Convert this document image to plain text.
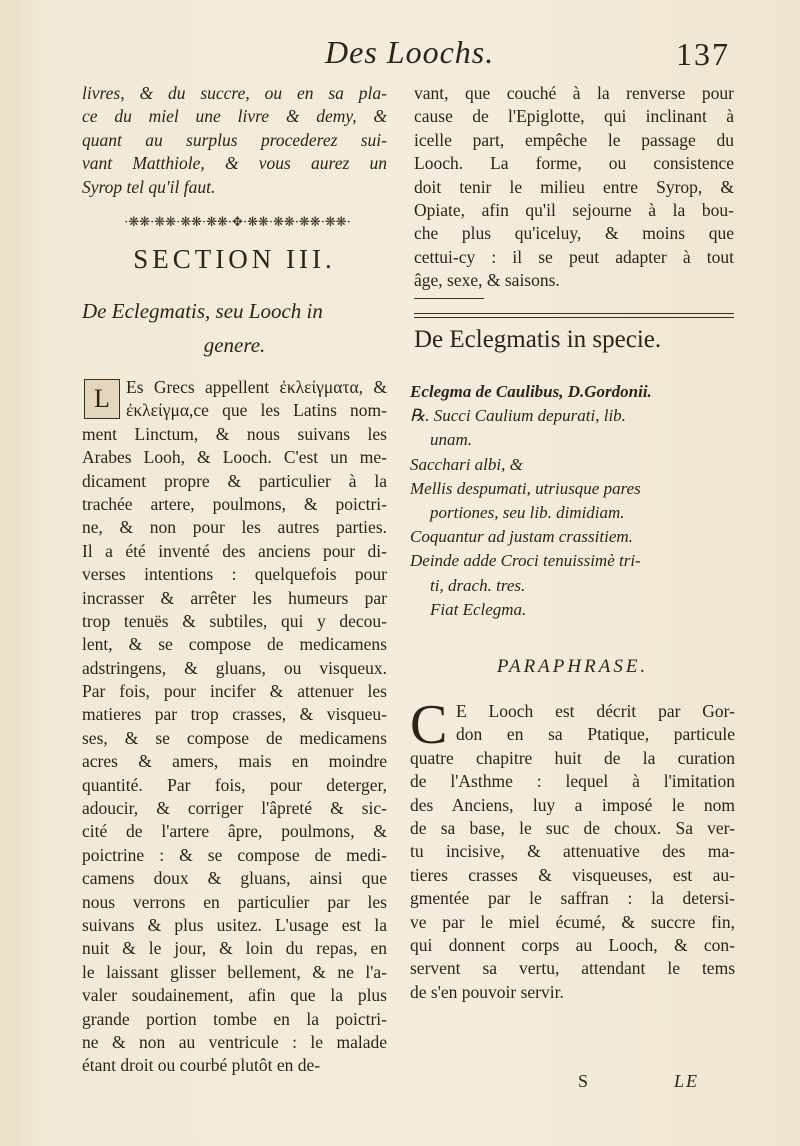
Des Loochs.	137
livres, & du succre, ou en sa pla-
ce du miel une livre & demy, &
quant au surplus procederez sui-
vant Matthiole, & vous aurez un
Syrop tel qu'il faut.
·❋❋·❋❋·❋❋·❋❋·✥·❋❋·❋❋·❋❋·❋❋·
SECTION III.
De Eclegmatis, seu Looch in
genere.
L Es Grecs appellent ἐκλείγματα, &
ἐκλείγμα,ce que les Latins nom-
ment Linctum, & nous suivans les
Arabes Looh, & Looch. C'est un me-
dicament propre & particulier à la
trachée artere, poulmons, & poictri-
ne, & non pour les autres parties.
Il a été inventé des anciens pour di-
verses intentions : quelquefois pour
incrasser & arrêter les humeurs par
trop tenuës & subtiles, qui y decou-
lent, & se compose de medicamens
adstringens, & gluans, ou visqueux.
Par fois, pour incifer & attenuer les
matieres par trop crasses, & visqueu-
ses, & se compose de medicamens
acres & amers, mais en moindre
quantité. Par fois, pour deterger,
adoucir, & corriger l'âpreté & sic-
cité de l'artere âpre, poulmons, &
poictrine : & se compose de medi-
camens doux & gluans, ainsi que
nous verrons en particulier par les
suivans & plus usitez. L'usage est la
nuit & le jour, & loin du repas, en
le laissant glisser bellement, & ne l'a-
valer soudainement, afin que la plus
grande portion tombe en la poictri-
ne & non au ventricule : le malade
étant droit ou courbé plutôt en de-
vant, que couché à la renverse pour
cause de l'Epiglotte, qui inclinant à
icelle part, empêche le passage du
Looch. La forme, ou consistence
doit tenir le milieu entre Syrop, &
Opiate, afin qu'il sejourne à la bou-
che plus qu'iceluy, & moins que
cettui-cy : il se peut adapter à tout
âge, sexe, & saisons.
De Eclegmatis in specie.
Eclegma de Caulibus, D.Gordonii.
℞. Succi Caulium depurati, lib.
unam.
Sacchari albi, &
Mellis despumati, utriusque pares
portiones, seu lib. dimidiam.
Coquantur ad justam crassitiem.
Deinde adde Croci tenuissimè tri-
ti, drach. tres.
Fiat Eclegma.
PARAPHRASE.
C E Looch est décrit par Gor-
don en sa Ptatique, particule
quatre chapitre huit de la curation
de l'Asthme : lequel à l'imitation
des Anciens, luy a imposé le nom
de sa base, le suc de choux. Sa ver-
tu incisive, & attenuative des ma-
tieres crasses & visqueuses, est au-
gmentée par le saffran : la detersi-
ve par le miel écumé, & succre fin,
qui donnent corps au Looch, & con-
servent sa vertu, attendant le tems
de s'en pouvoir servir.
S	LE
